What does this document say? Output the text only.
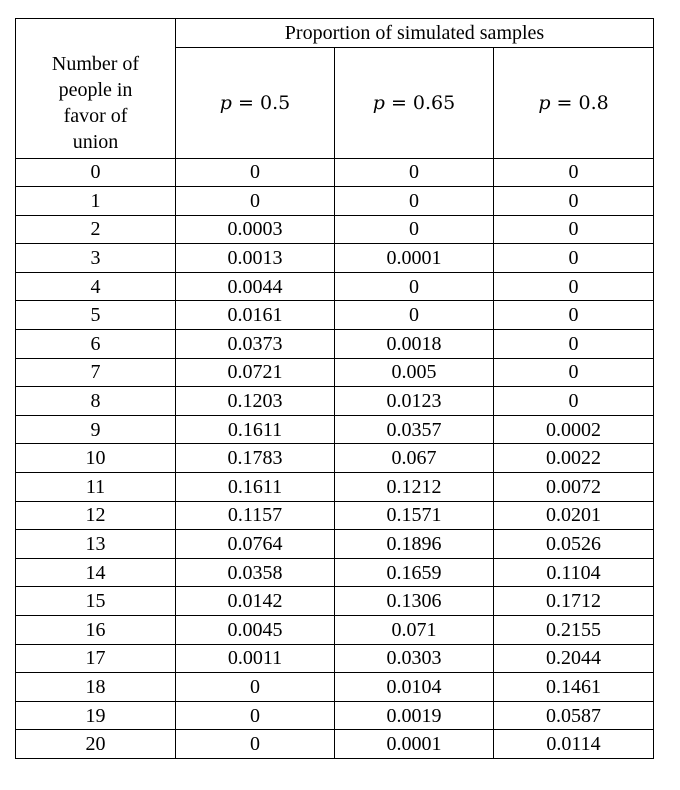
	Proportion of simulated samples		

Number of
people in
favor of
union	p = 0.5	p = 0.65	p = 0.8
0	0	0	0
1	0	0	0
2	0.0003	0	0
3	0.0013	0.0001	0
4	0.0044	0	0
5	0.0161	0	0
6	0.0373	0.0018	0
7	0.0721	0.005	0
8	0.1203	0.0123	0
9	0.1611	0.0357	0.0002
10	0.1783	0.067	0.0022
11	0.1611	0.1212	0.0072
12	0.1157	0.1571	0.0201
13	0.0764	0.1896	0.0526
14	0.0358	0.1659	0.1104
15	0.0142	0.1306	0.1712
16	0.0045	0.071	0.2155
17	0.0011	0.0303	0.2044
18	0	0.0104	0.1461
19	0	0.0019	0.0587
20	0	0.0001	0.0114
